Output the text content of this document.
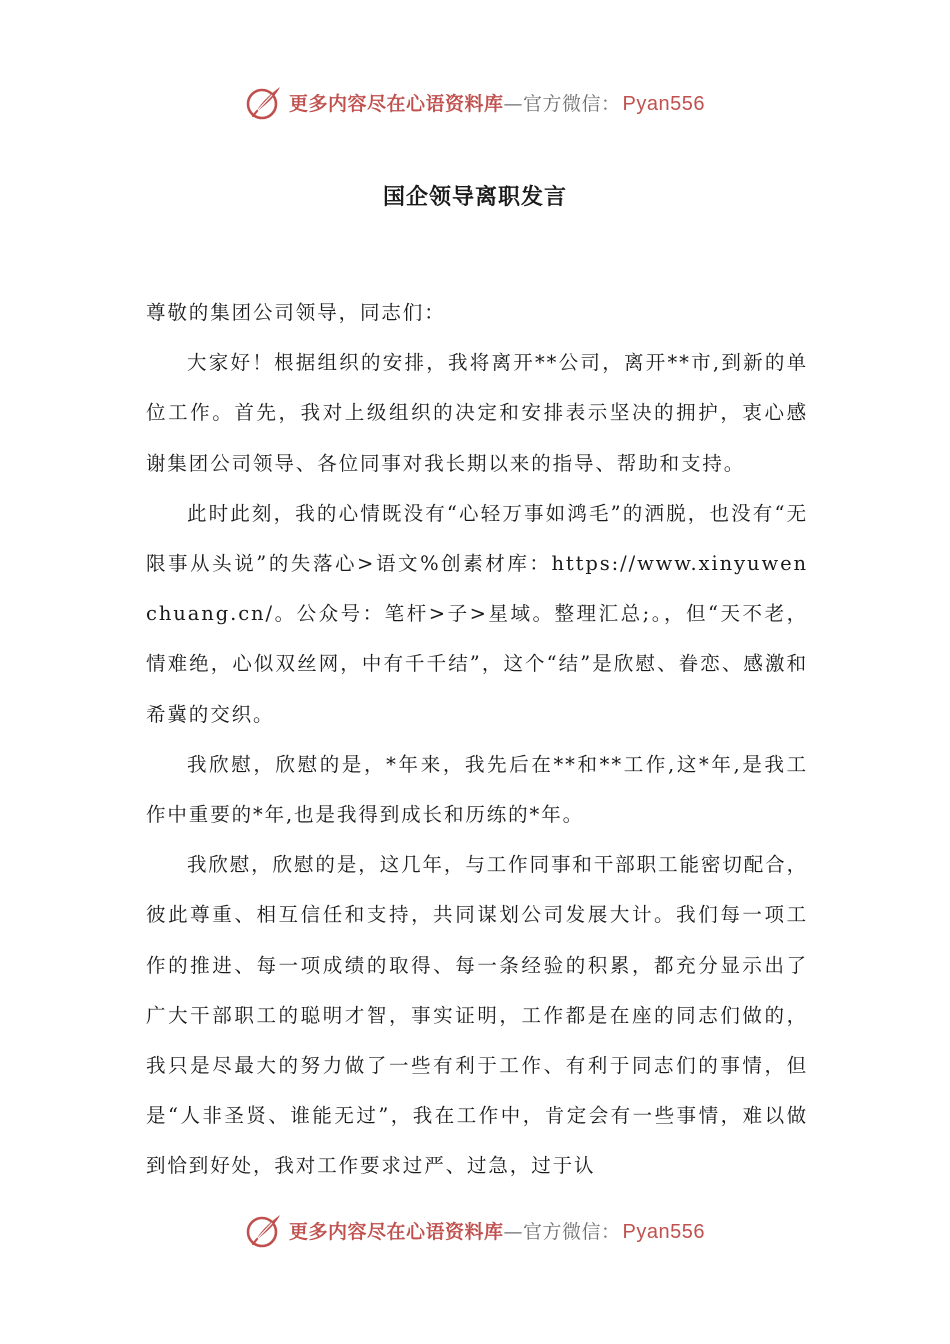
更多内容尽在心语资料库 — 官方微信： Pyan556
国企领导离职发言

尊敬的集团公司领导，同志们：

大家好！根据组织的安排，我将离开**公司，离开**市,到新的单位工作。首先，我对上级组织的决定和安排表示坚决的拥护，衷心感谢集团公司领导、各位同事对我长期以来的指导、帮助和支持。

此时此刻，我的心情既没有“心轻万事如鸿毛”的洒脱，也没有“无限事从头说”的失落心>语文%创素材库：https://www.xinyuwenchuang.cn/。公众号：笔杆>子>星域。整理汇总;。，但“天不老，情难绝，心似双丝网，中有千千结”，这个“结”是欣慰、眷恋、感激和希冀的交织。

我欣慰，欣慰的是，*年来，我先后在**和**工作,这*年,是我工作中重要的*年,也是我得到成长和历练的*年。

我欣慰，欣慰的是，这几年，与工作同事和干部职工能密切配合，彼此尊重、相互信任和支持，共同谋划公司发展大计。我们每一项工作的推进、每一项成绩的取得、每一条经验的积累，都充分显示出了广大干部职工的聪明才智，事实证明，工作都是在座的同志们做的，我只是尽最大的努力做了一些有利于工作、有利于同志们的事情，但是“人非圣贤、谁能无过”，我在工作中，肯定会有一些事情，难以做到恰到好处，我对工作要求过严、过急，过于认

更多内容尽在心语资料库 — 官方微信： Pyan556
